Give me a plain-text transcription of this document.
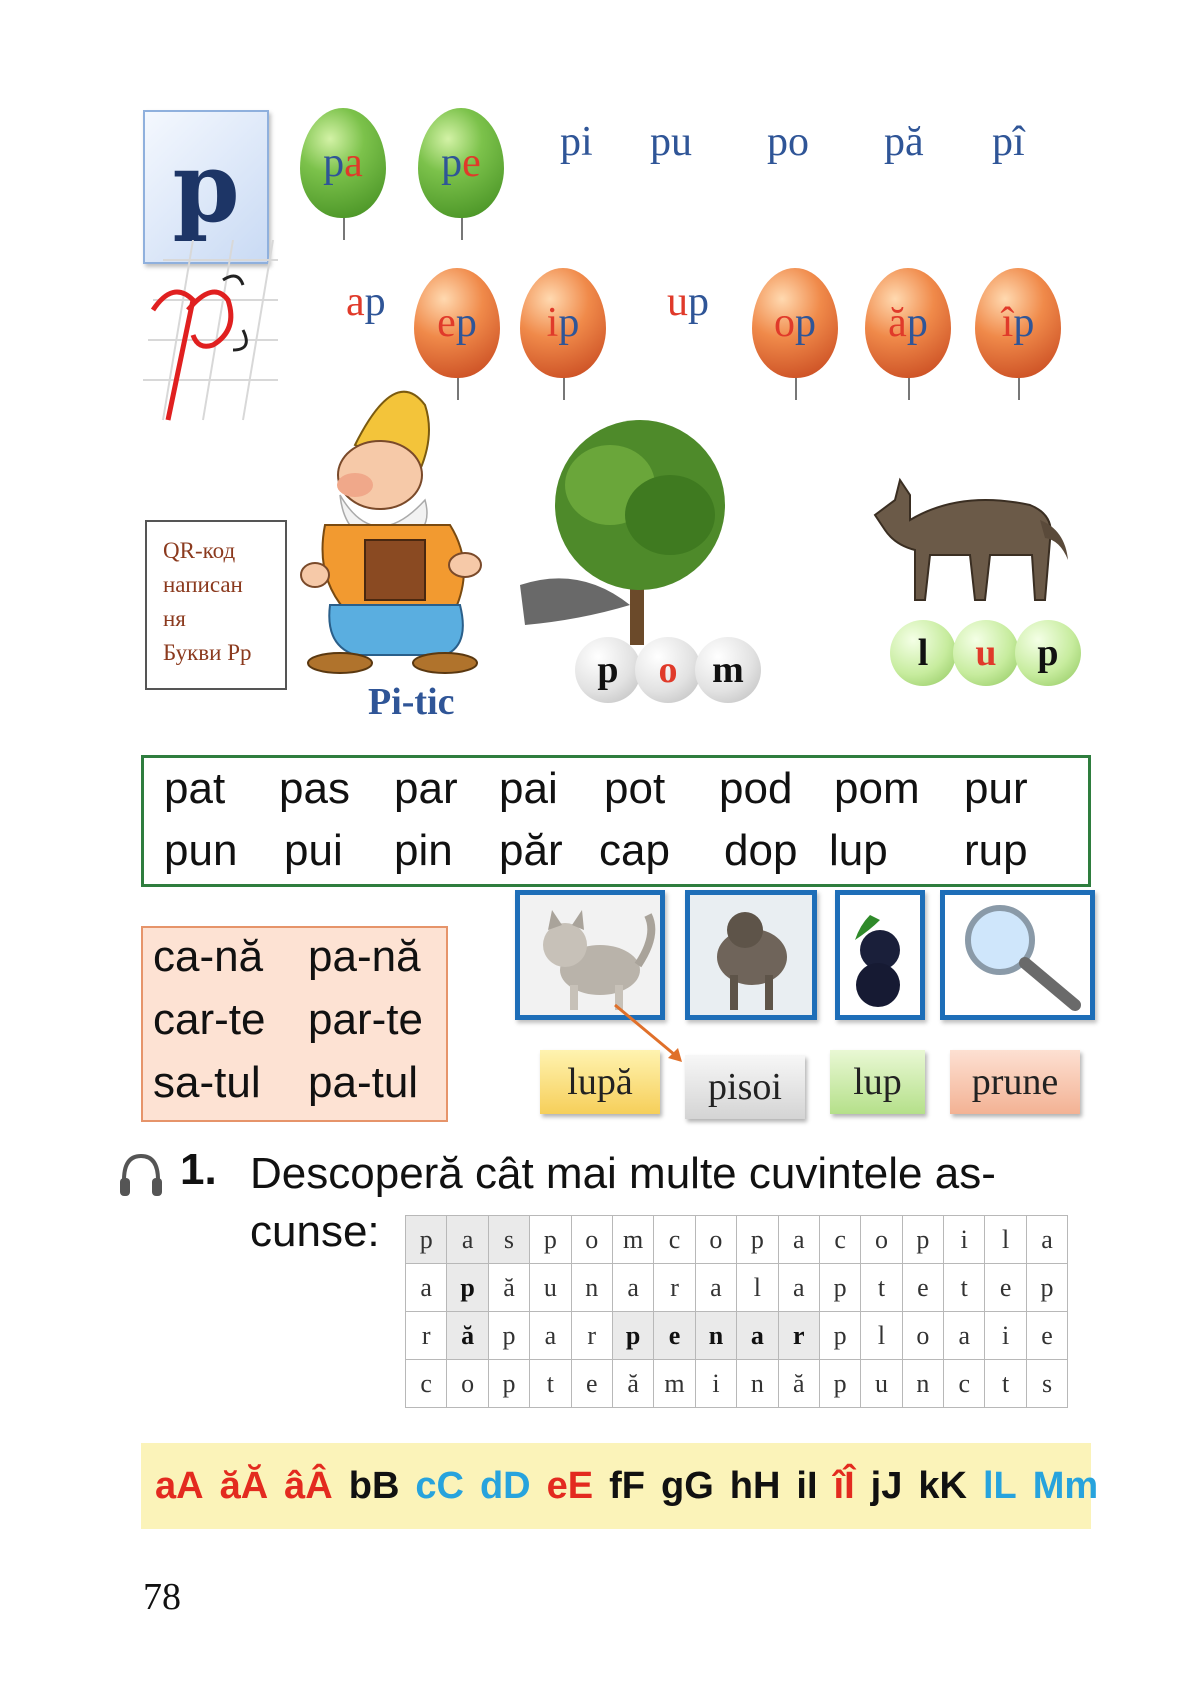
p	p a p e pi pu po pă pî
ap e p i p up o p ă p î p
QR-код
написан
ня
Букви Рр
Pi-tic
p o m	l u p
pat pas par pai pot pod pom pur
pun pui pin păr cap dop lup rup
ca-nă pa-nă
car-te par-te
sa-tul pa-tul	lupă	pisoi	lup	prune
1. Descoperă cât mai multe cuvintele as-
cunse:	p	a	s	p	o	m	c	o	p	a	c	o	p	i	l	a
a	p	ă	u	n	a	r	a	l	a	p	t	e	t	e	p
r	ă	p	a	r	p	e	n	a	r	p	l	o	a	i	e
c	o	p	t	e	ă	m	i	n	ă	p	u	n	c	t	s
aA ăĂ âÂ bB cC dD eE fF gG hH iI îÎ jJ kK lL Mm
78
